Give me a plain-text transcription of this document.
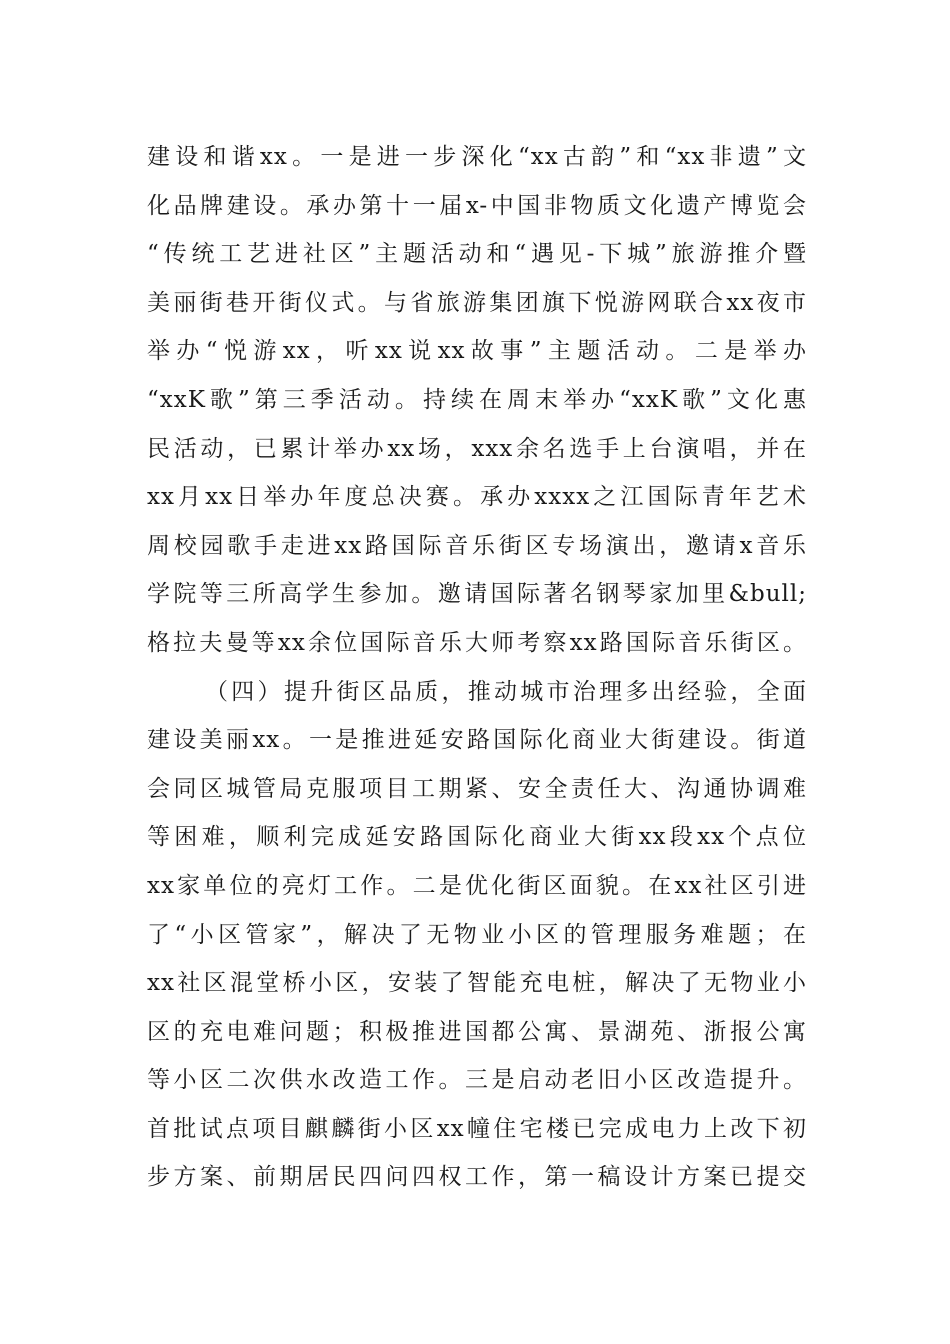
建设和谐xx。一是进一步深化“xx古韵”和“xx非遗”文
化品牌建设。承办第十一届x-中国非物质文化遗产博览会
“传统工艺进社区”主题活动和“遇见-下城”旅游推介暨
美丽街巷开街仪式。与省旅游集团旗下悦游网联合xx夜市
举办“悦游xx，听xx说xx故事”主题活动。二是举办
“xxK歌”第三季活动。持续在周末举办“xxK歌”文化惠
民活动，已累计举办xx场，xxx余名选手上台演唱，并在
xx月xx日举办年度总决赛。承办xxxx之江国际青年艺术
周校园歌手走进xx路国际音乐街区专场演出，邀请x音乐
学院等三所高学生参加。邀请国际著名钢琴家加里&bull;
格拉夫曼等xx余位国际音乐大师考察xx路国际音乐街区。
（四）提升街区品质，推动城市治理多出经验，全面
建设美丽xx。一是推进延安路国际化商业大街建设。街道
会同区城管局克服项目工期紧、安全责任大、沟通协调难
等困难，顺利完成延安路国际化商业大街xx段xx个点位
xx家单位的亮灯工作。二是优化街区面貌。在xx社区引进
了“小区管家”，解决了无物业小区的管理服务难题；在
xx社区混堂桥小区，安装了智能充电桩，解决了无物业小
区的充电难问题；积极推进国都公寓、景湖苑、浙报公寓
等小区二次供水改造工作。三是启动老旧小区改造提升。
首批试点项目麒麟街小区xx幢住宅楼已完成电力上改下初
步方案、前期居民四问四权工作，第一稿设计方案已提交
